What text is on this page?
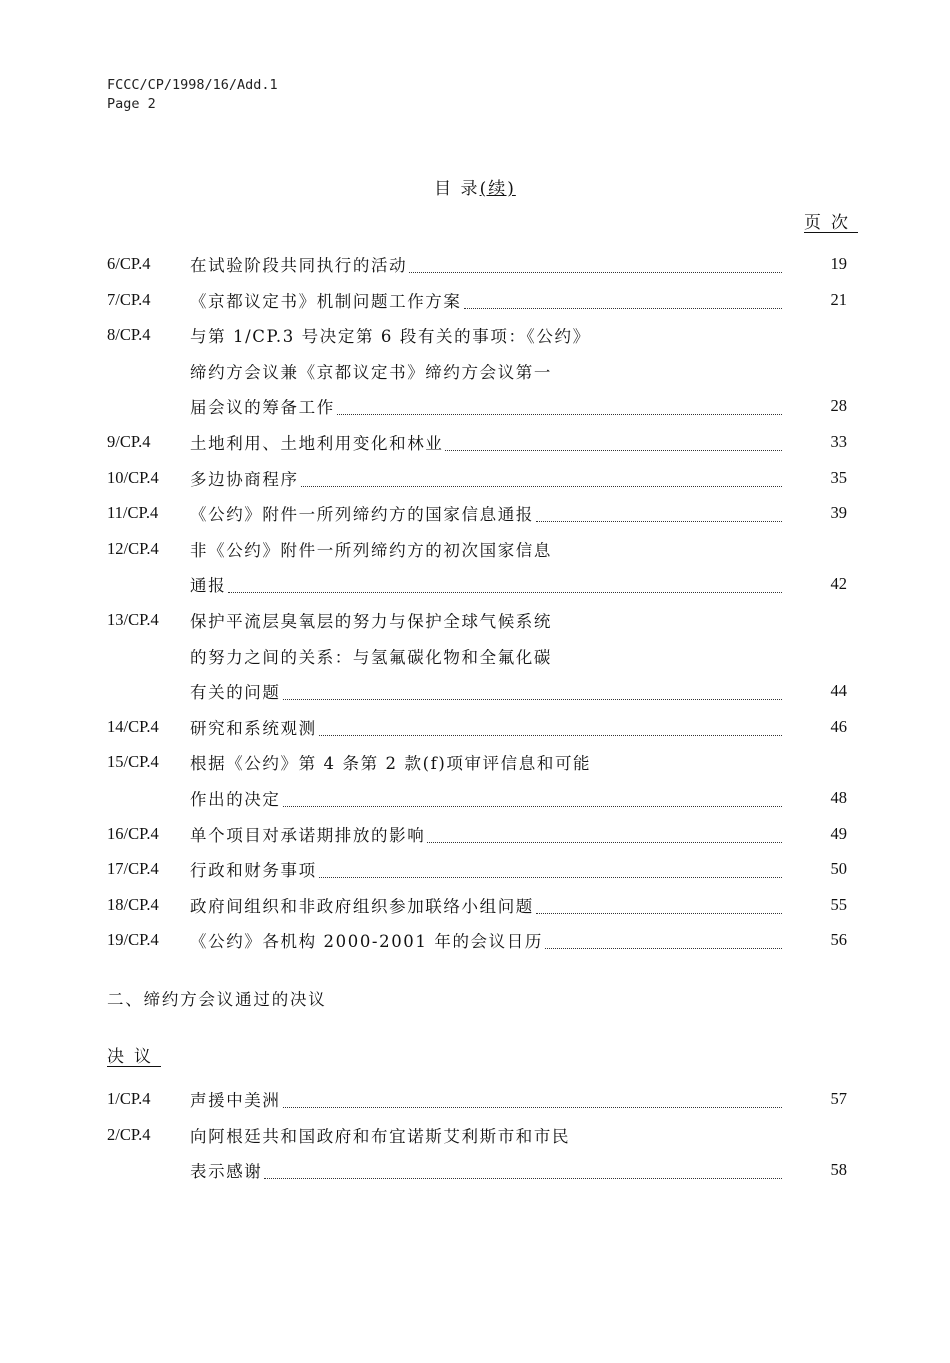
FCCC/CP/1998/16/Add.1
Page 2
目 录(续)
页次
6/CP.4 在试验阶段共同执行的活动	19
7/CP.4 《京都议定书》机制问题工作方案	21
8/CP.4 与第 1/CP.3 号决定第 6 段有关的事项：《公约》
缔约方会议兼《京都议定书》缔约方会议第一
届会议的筹备工作	28
9/CP.4 土地利用、土地利用变化和林业	33
10/CP.4 多边协商程序	35
11/CP.4 《公约》附件一所列缔约方的国家信息通报	39
12/CP.4 非《公约》附件一所列缔约方的初次国家信息
通报	42
13/CP.4 保护平流层臭氧层的努力与保护全球气候系统
的努力之间的关系：与氢氟碳化物和全氟化碳
有关的问题	44
14/CP.4 研究和系统观测	46
15/CP.4 根据《公约》第 4 条第 2 款(f)项审评信息和可能
作出的决定	48
16/CP.4 单个项目对承诺期排放的影响	49
17/CP.4 行政和财务事项	50
18/CP.4 政府间组织和非政府组织参加联络小组问题	55
19/CP.4 《公约》各机构 2000-2001 年的会议日历	56
二、缔约方会议通过的决议
决议
1/CP.4 声援中美洲	57
2/CP.4 向阿根廷共和国政府和布宜诺斯艾利斯市和市民
表示感谢	58
